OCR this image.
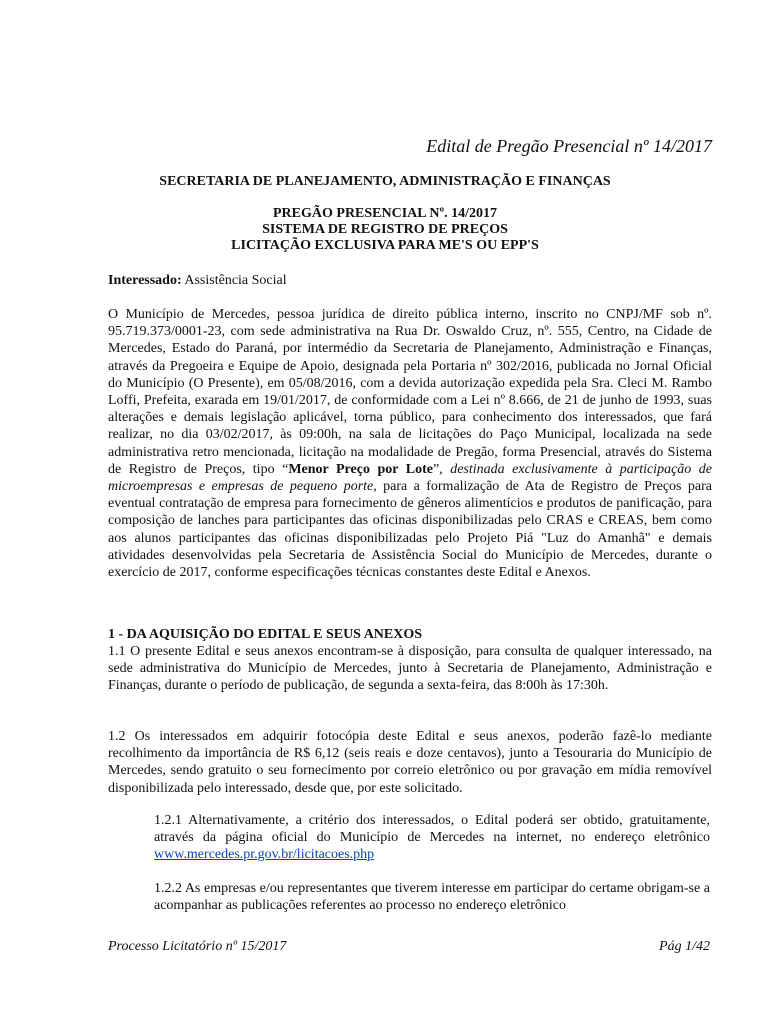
Edital de Pregão Presencial nº 14/2017
SECRETARIA DE PLANEJAMENTO, ADMINISTRAÇÃO E FINANÇAS
PREGÃO PRESENCIAL Nº. 14/2017
SISTEMA DE REGISTRO DE PREÇOS
LICITAÇÃO EXCLUSIVA PARA ME'S OU EPP'S
Interessado: Assistência Social
O Município de Mercedes, pessoa jurídica de direito pública interno, inscrito no CNPJ/MF sob nº. 95.719.373/0001-23, com sede administrativa na Rua Dr. Oswaldo Cruz, nº. 555, Centro, na Cidade de Mercedes, Estado do Paraná, por intermédio da Secretaria de Planejamento, Administração e Finanças, através da Pregoeira e Equipe de Apoio, designada pela Portaria nº 302/2016, publicada no Jornal Oficial do Município (O Presente), em 05/08/2016, com a devida autorização expedida pela Sra. Cleci M. Rambo Loffi, Prefeita, exarada em 19/01/2017, de conformidade com a Lei nº 8.666, de 21 de junho de 1993, suas alterações e demais legislação aplicável, torna público, para conhecimento dos interessados, que fará realizar, no dia 03/02/2017, às 09:00h, na sala de licitações do Paço Municipal, localizada na sede administrativa retro mencionada, licitação na modalidade de Pregão, forma Presencial, através do Sistema de Registro de Preços, tipo “Menor Preço por Lote”, destinada exclusivamente à participação de microempresas e empresas de pequeno porte, para a formalização de Ata de Registro de Preços para eventual contratação de empresa para fornecimento de gêneros alimentícios e produtos de panificação, para composição de lanches para participantes das oficinas disponibilizadas pelo CRAS e CREAS, bem como aos alunos participantes das oficinas disponibilizadas pelo Projeto Piá "Luz do Amanhã" e demais atividades desenvolvidas pela Secretaria de Assistência Social do Município de Mercedes, durante o exercício de 2017, conforme especificações técnicas constantes deste Edital e Anexos.
1 - DA AQUISIÇÃO DO EDITAL E SEUS ANEXOS
1.1 O presente Edital e seus anexos encontram-se à disposição, para consulta de qualquer interessado, na sede administrativa do Município de Mercedes, junto à Secretaria de Planejamento, Administração e Finanças, durante o período de publicação, de segunda a sexta-feira, das 8:00h às 17:30h.
1.2 Os interessados em adquirir fotocópia deste Edital e seus anexos, poderão fazê-lo mediante recolhimento da importância de R$ 6,12 (seis reais e doze centavos), junto a Tesouraria do Município de Mercedes, sendo gratuito o seu fornecimento por correio eletrônico ou por gravação em mídia removível disponibilizada pelo interessado, desde que, por este solicitado.
1.2.1 Alternativamente, a critério dos interessados, o Edital poderá ser obtido, gratuitamente, através da página oficial do Município de Mercedes na internet, no endereço eletrônico www.mercedes.pr.gov.br/licitacoes.php
1.2.2 As empresas e/ou representantes que tiverem interesse em participar do certame obrigam-se a acompanhar as publicações referentes ao processo no endereço eletrônico
Processo Licitatório nº 15/2017	Pág 1/42
